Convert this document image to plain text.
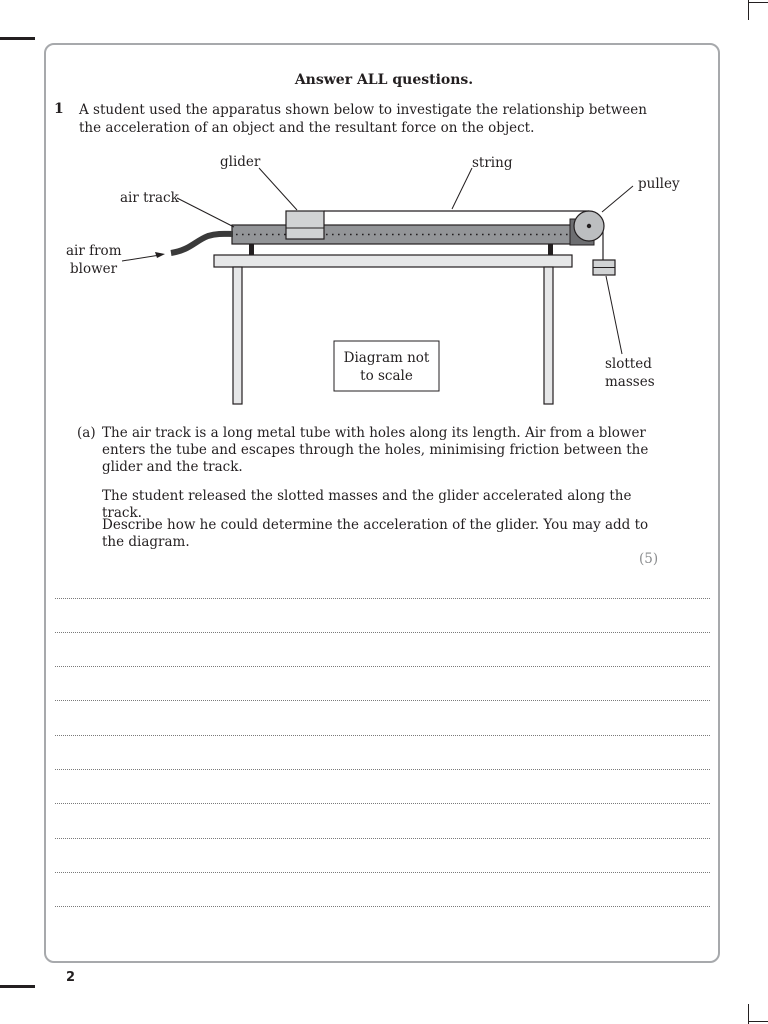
Answer ALL questions.
1 A student used the apparatus shown below to investigate the relationship between the acceleration of an object and the resultant force on the object.
glider	string
pulley
air track
air from
blower
slotted
masses
Diagram not
to scale
(a) The air track is a long metal tube with holes along its length. Air from a blower enters the tube and escapes through the holes, minimising friction between the glider and the track.
The student released the slotted masses and the glider accelerated along the track.
Describe how he could determine the acceleration of the glider. You may add to the diagram.
(5)
2
